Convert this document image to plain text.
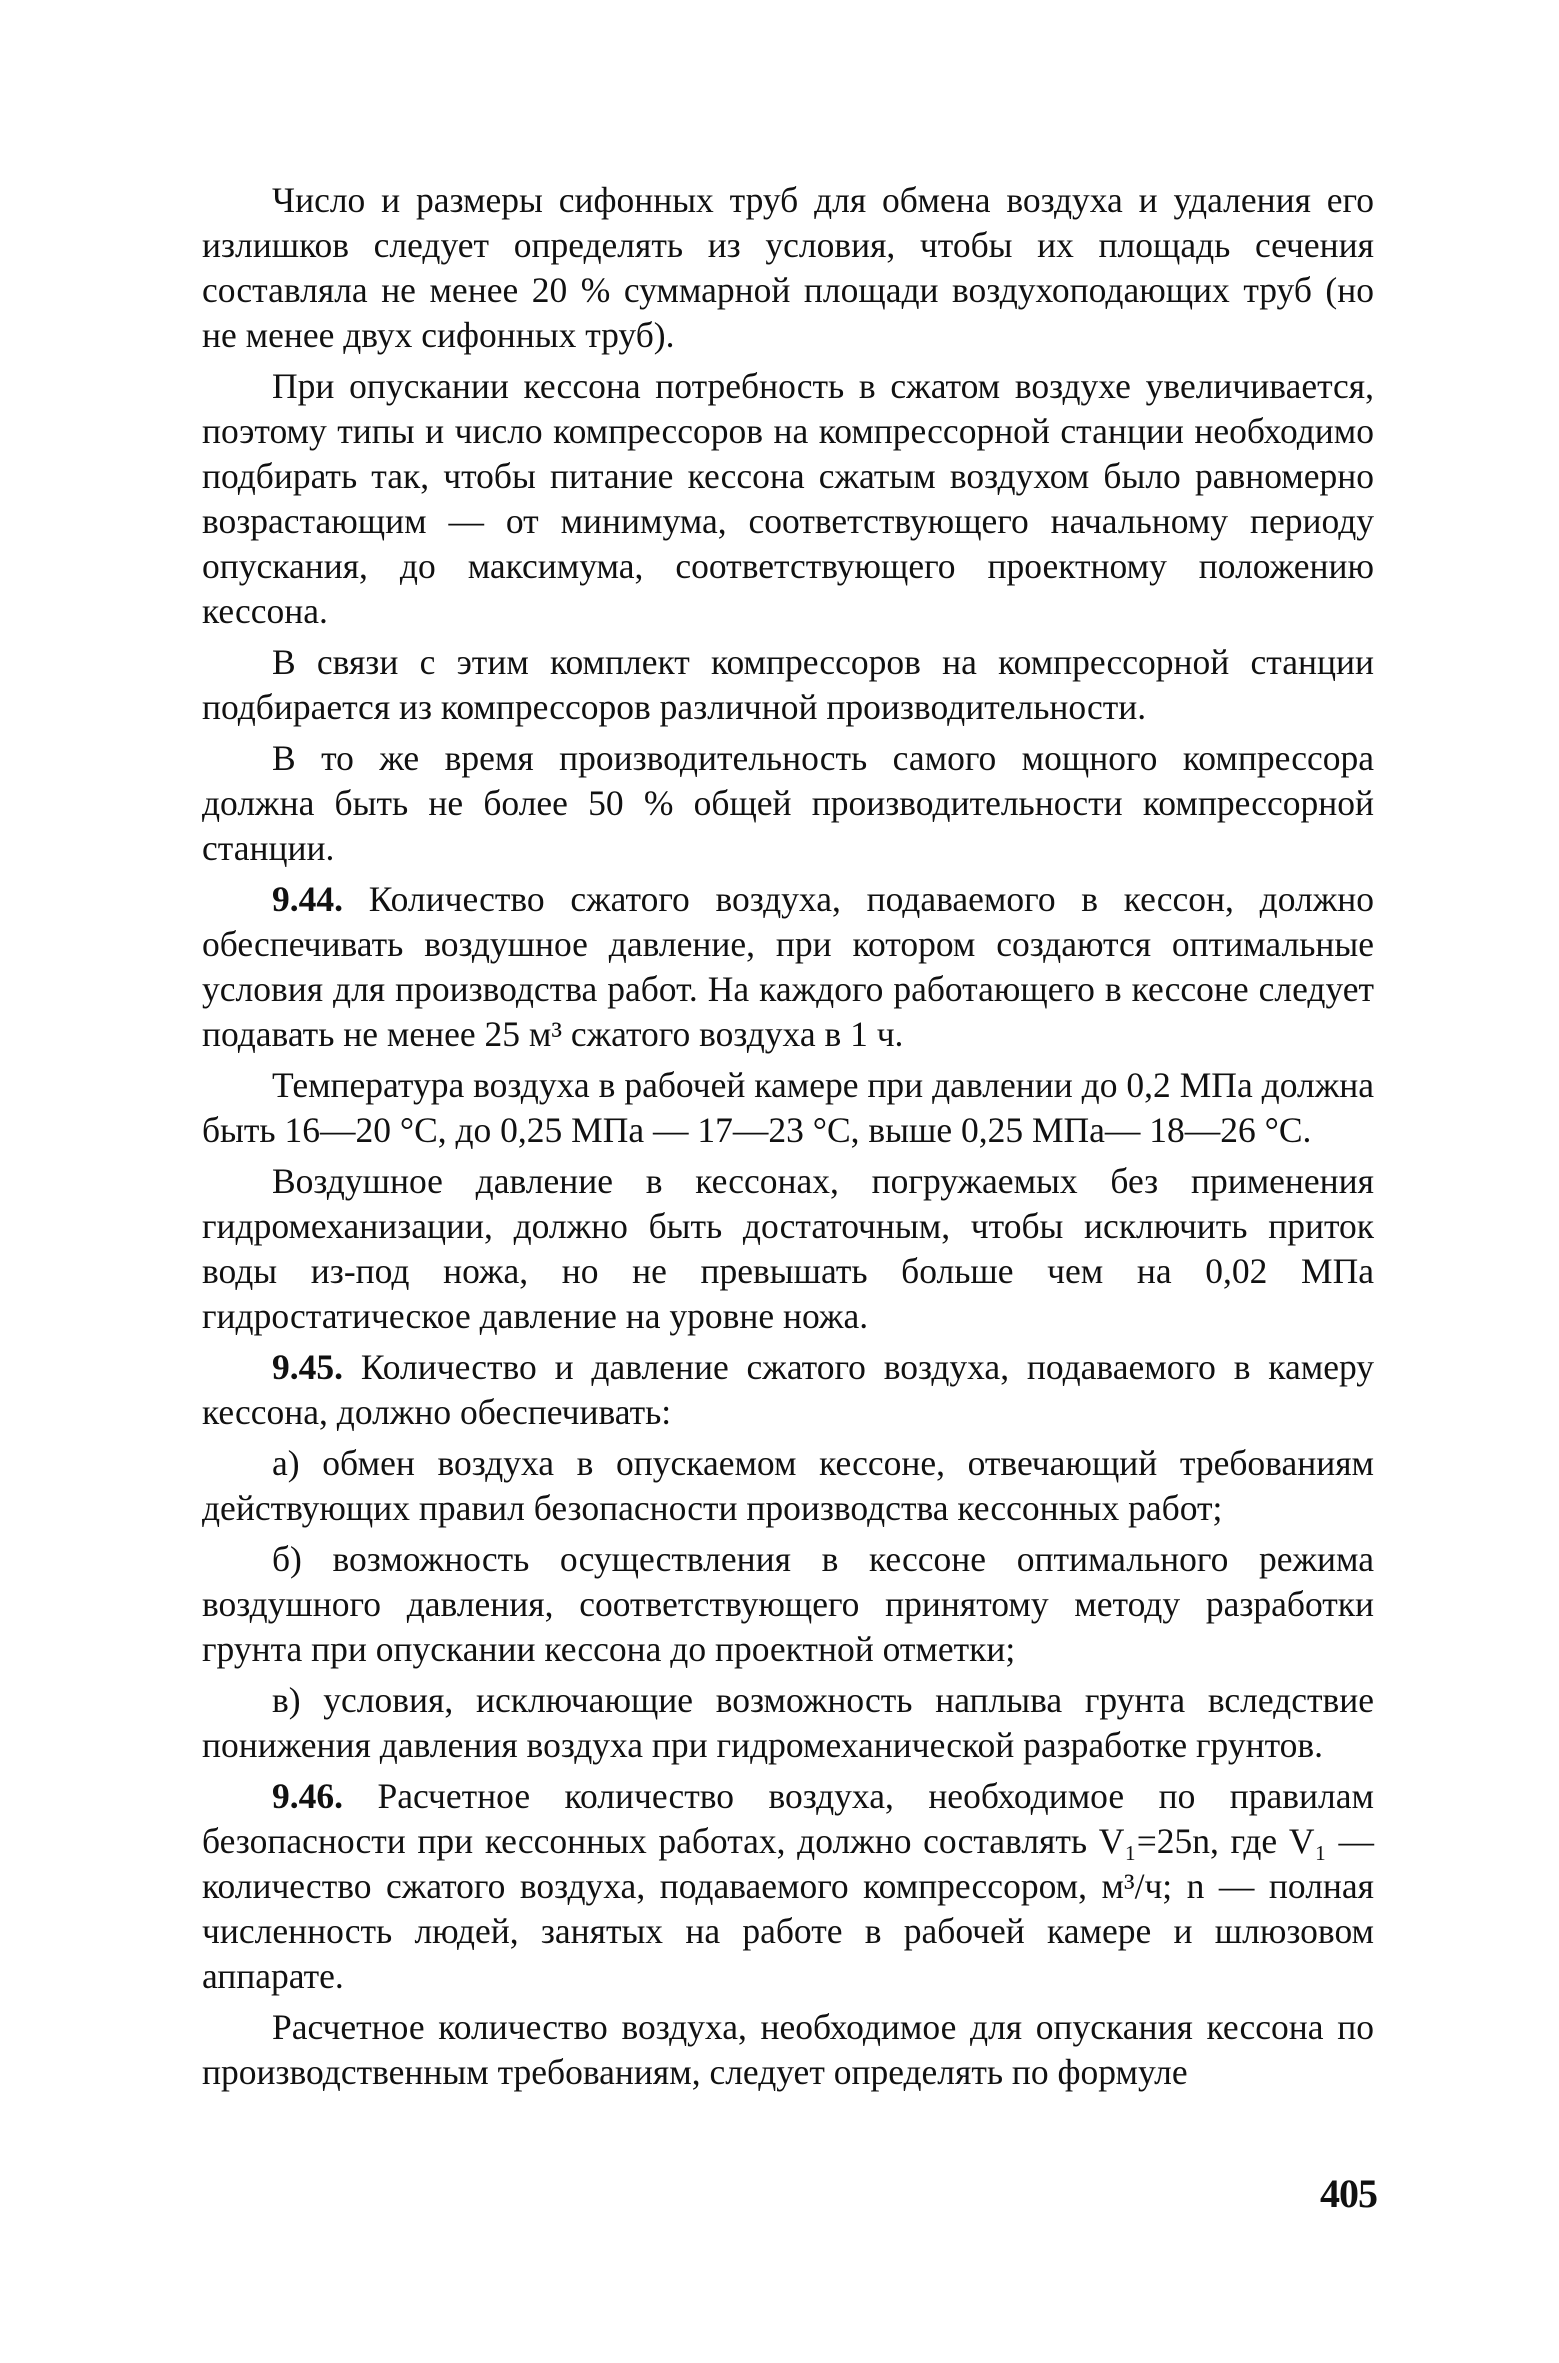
Число и размеры сифонных труб для обмена воздуха и удаления его излишков следует определять из условия, чтобы их площадь сечения составляла не менее 20 % суммарной площади воздухоподающих труб (но не менее двух сифонных труб).

При опускании кессона потребность в сжатом воздухе увеличивается, поэтому типы и число компрессоров на компрессорной станции необходимо подбирать так, чтобы питание кессона сжатым воздухом было равномерно возрастающим — от минимума, соответствующего начальному периоду опускания, до максимума, соответствующего проектному положению кессона.

В связи с этим комплект компрессоров на компрессорной станции подбирается из компрессоров различной производительности.

В то же время производительность самого мощного компрессора должна быть не более 50 % общей производительности компрессорной станции.

9.44. Количество сжатого воздуха, подаваемого в кессон, должно обеспечивать воздушное давление, при котором создаются оптимальные условия для производства работ. На каждого работающего в кессоне следует подавать не менее 25 м³ сжатого воздуха в 1 ч.

Температура воздуха в рабочей камере при давлении до 0,2 МПа должна быть 16—20 °С, до 0,25 МПа — 17—23 °С, выше 0,25 МПа— 18—26 °С.

Воздушное давление в кессонах, погружаемых без применения гидромеханизации, должно быть достаточным, чтобы исключить приток воды из-под ножа, но не превышать больше чем на 0,02 МПа гидростатическое давление на уровне ножа.

9.45. Количество и давление сжатого воздуха, подаваемого в камеру кессона, должно обеспечивать:

а) обмен воздуха в опускаемом кессоне, отвечающий требованиям действующих правил безопасности производства кессонных работ;

б) возможность осуществления в кессоне оптимального режима воздушного давления, соответствующего принятому методу разработки грунта при опускании кессона до проектной отметки;

в) условия, исключающие возможность наплыва грунта вследствие понижения давления воздуха при гидромеханической разработке грунтов.

9.46. Расчетное количество воздуха, необходимое по правилам безопасности при кессонных работах, должно составлять V₁=25n, где V₁ — количество сжатого воздуха, подаваемого компрессором, м³/ч; n — полная численность людей, занятых на работе в рабочей камере и шлюзовом аппарате.

Расчетное количество воздуха, необходимое для опускания кессона по производственным требованиям, следует определять по формуле

405
